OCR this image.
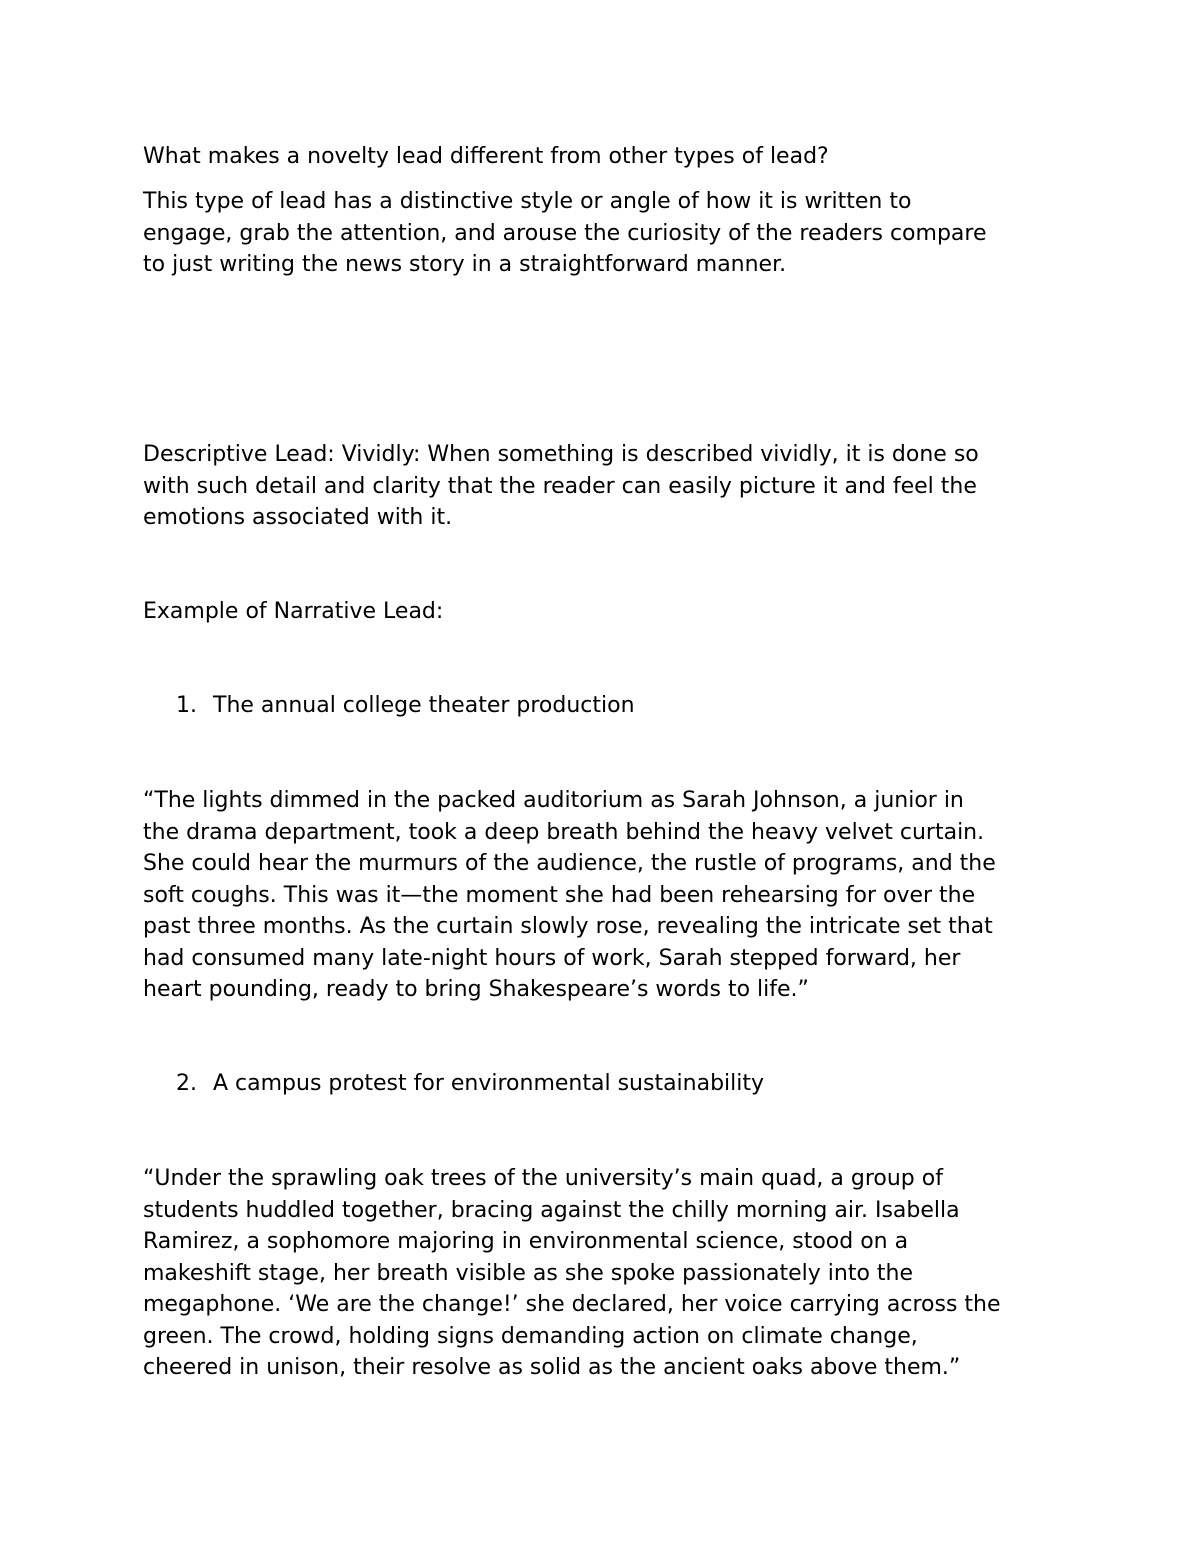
What makes a novelty lead different from other types of lead?

This type of lead has a distinctive style or angle of how it is written to
engage, grab the attention, and arouse the curiosity of the readers compare
to just writing the news story in a straightforward manner.

Descriptive Lead: Vividly: When something is described vividly, it is done so
with such detail and clarity that the reader can easily picture it and feel the
emotions associated with it.

Example of Narrative Lead:

1. The annual college theater production

“The lights dimmed in the packed auditorium as Sarah Johnson, a junior in
the drama department, took a deep breath behind the heavy velvet curtain.
She could hear the murmurs of the audience, the rustle of programs, and the
soft coughs. This was it—the moment she had been rehearsing for over the
past three months. As the curtain slowly rose, revealing the intricate set that
had consumed many late-night hours of work, Sarah stepped forward, her
heart pounding, ready to bring Shakespeare’s words to life.”

2. A campus protest for environmental sustainability

“Under the sprawling oak trees of the university’s main quad, a group of
students huddled together, bracing against the chilly morning air. Isabella
Ramirez, a sophomore majoring in environmental science, stood on a
makeshift stage, her breath visible as she spoke passionately into the
megaphone. ‘We are the change!’ she declared, her voice carrying across the
green. The crowd, holding signs demanding action on climate change,
cheered in unison, their resolve as solid as the ancient oaks above them.”
